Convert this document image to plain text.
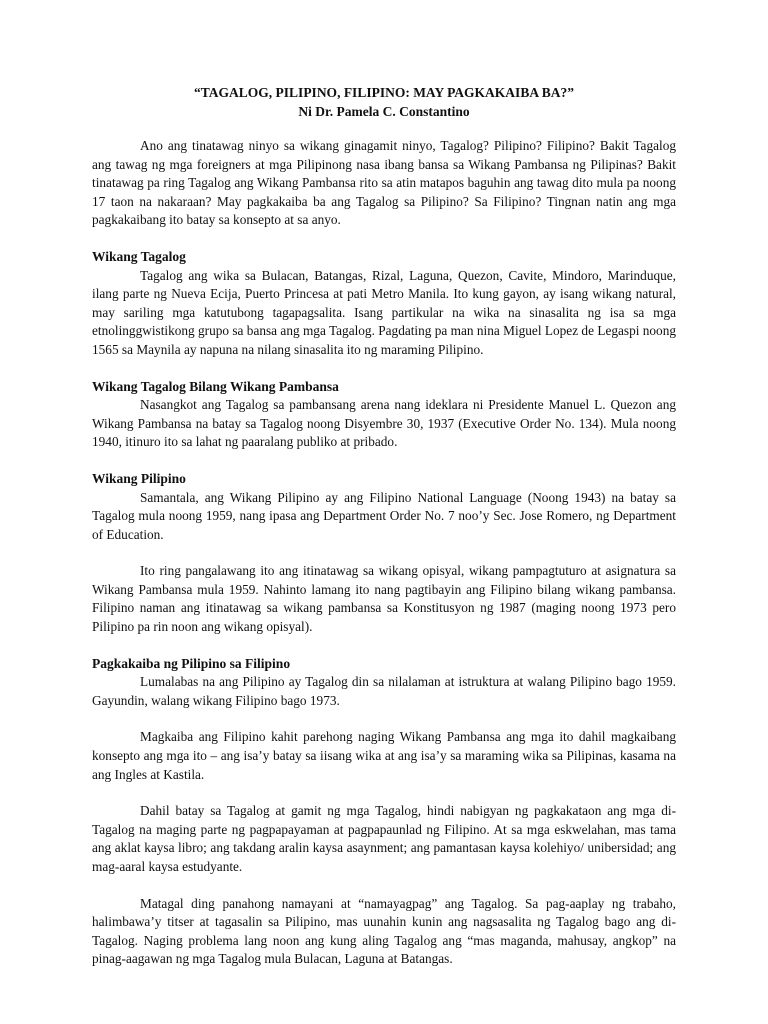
“TAGALOG, PILIPINO, FILIPINO: MAY PAGKAKAIBA BA?”
Ni Dr. Pamela C. Constantino

Ano ang tinatawag ninyo sa wikang ginagamit ninyo, Tagalog? Pilipino? Filipino? Bakit Tagalog ang tawag ng mga foreigners at mga Pilipinong nasa ibang bansa sa Wikang Pambansa ng Pilipinas? Bakit tinatawag pa ring Tagalog ang Wikang Pambansa rito sa atin matapos baguhin ang tawag dito mula pa noong 17 taon na nakaraan? May pagkakaiba ba ang Tagalog sa Pilipino? Sa Filipino? Tingnan natin ang mga pagkakaibang ito batay sa konsepto at sa anyo.

Wikang Tagalog

Tagalog ang wika sa Bulacan, Batangas, Rizal, Laguna, Quezon, Cavite, Mindoro, Marinduque, ilang parte ng Nueva Ecija, Puerto Princesa at pati Metro Manila. Ito kung gayon, ay isang wikang natural, may sariling mga katutubong tagapagsalita. Isang partikular na wika na sinasalita ng isa sa mga etnolinggwistikong grupo sa bansa ang mga Tagalog. Pagdating pa man nina Miguel Lopez de Legaspi noong 1565 sa Maynila ay napuna na nilang sinasalita ito ng maraming Pilipino.

Wikang Tagalog Bilang Wikang Pambansa

Nasangkot ang Tagalog sa pambansang arena nang ideklara ni Presidente Manuel L. Quezon ang Wikang Pambansa na batay sa Tagalog noong Disyembre 30, 1937 (Executive Order No. 134). Mula noong 1940, itinuro ito sa lahat ng paaralang publiko at pribado.

Wikang Pilipino

Samantala, ang Wikang Pilipino ay ang Filipino National Language (Noong 1943) na batay sa Tagalog mula noong 1959, nang ipasa ang Department Order No. 7 noo’y Sec. Jose Romero, ng Department of Education.

Ito ring pangalawang ito ang itinatawag sa wikang opisyal, wikang pampagtuturo at asignatura sa Wikang Pambansa mula 1959. Nahinto lamang ito nang pagtibayin ang Filipino bilang wikang pambansa. Filipino naman ang itinatawag sa wikang pambansa sa Konstitusyon ng 1987 (maging noong 1973 pero Pilipino pa rin noon ang wikang opisyal).

Pagkakaiba ng Pilipino sa Filipino

Lumalabas na ang Pilipino ay Tagalog din sa nilalaman at istruktura at walang Pilipino bago 1959. Gayundin, walang wikang Filipino bago 1973.

Magkaiba ang Filipino kahit parehong naging Wikang Pambansa ang mga ito dahil magkaibang konsepto ang mga ito – ang isa’y batay sa iisang wika at ang isa’y sa maraming wika sa Pilipinas, kasama na ang Ingles at Kastila.

Dahil batay sa Tagalog at gamit ng mga Tagalog, hindi nabigyan ng pagkakataon ang mga di-Tagalog na maging parte ng pagpapayaman at pagpapaunlad ng Filipino. At sa mga eskwelahan, mas tama ang aklat kaysa libro; ang takdang aralin kaysa asaynment; ang pamantasan kaysa kolehiyo/ unibersidad; ang mag-aaral kaysa estudyante.

Matagal ding panahong namayani at “namayagpag” ang Tagalog. Sa pag-aaplay ng trabaho, halimbawa’y titser at tagasalin sa Pilipino, mas uunahin kunin ang nagsasalita ng Tagalog bago ang di-Tagalog. Naging problema lang noon ang kung aling Tagalog ang “mas maganda, mahusay, angkop” na pinag-aagawan ng mga Tagalog mula Bulacan, Laguna at Batangas.
